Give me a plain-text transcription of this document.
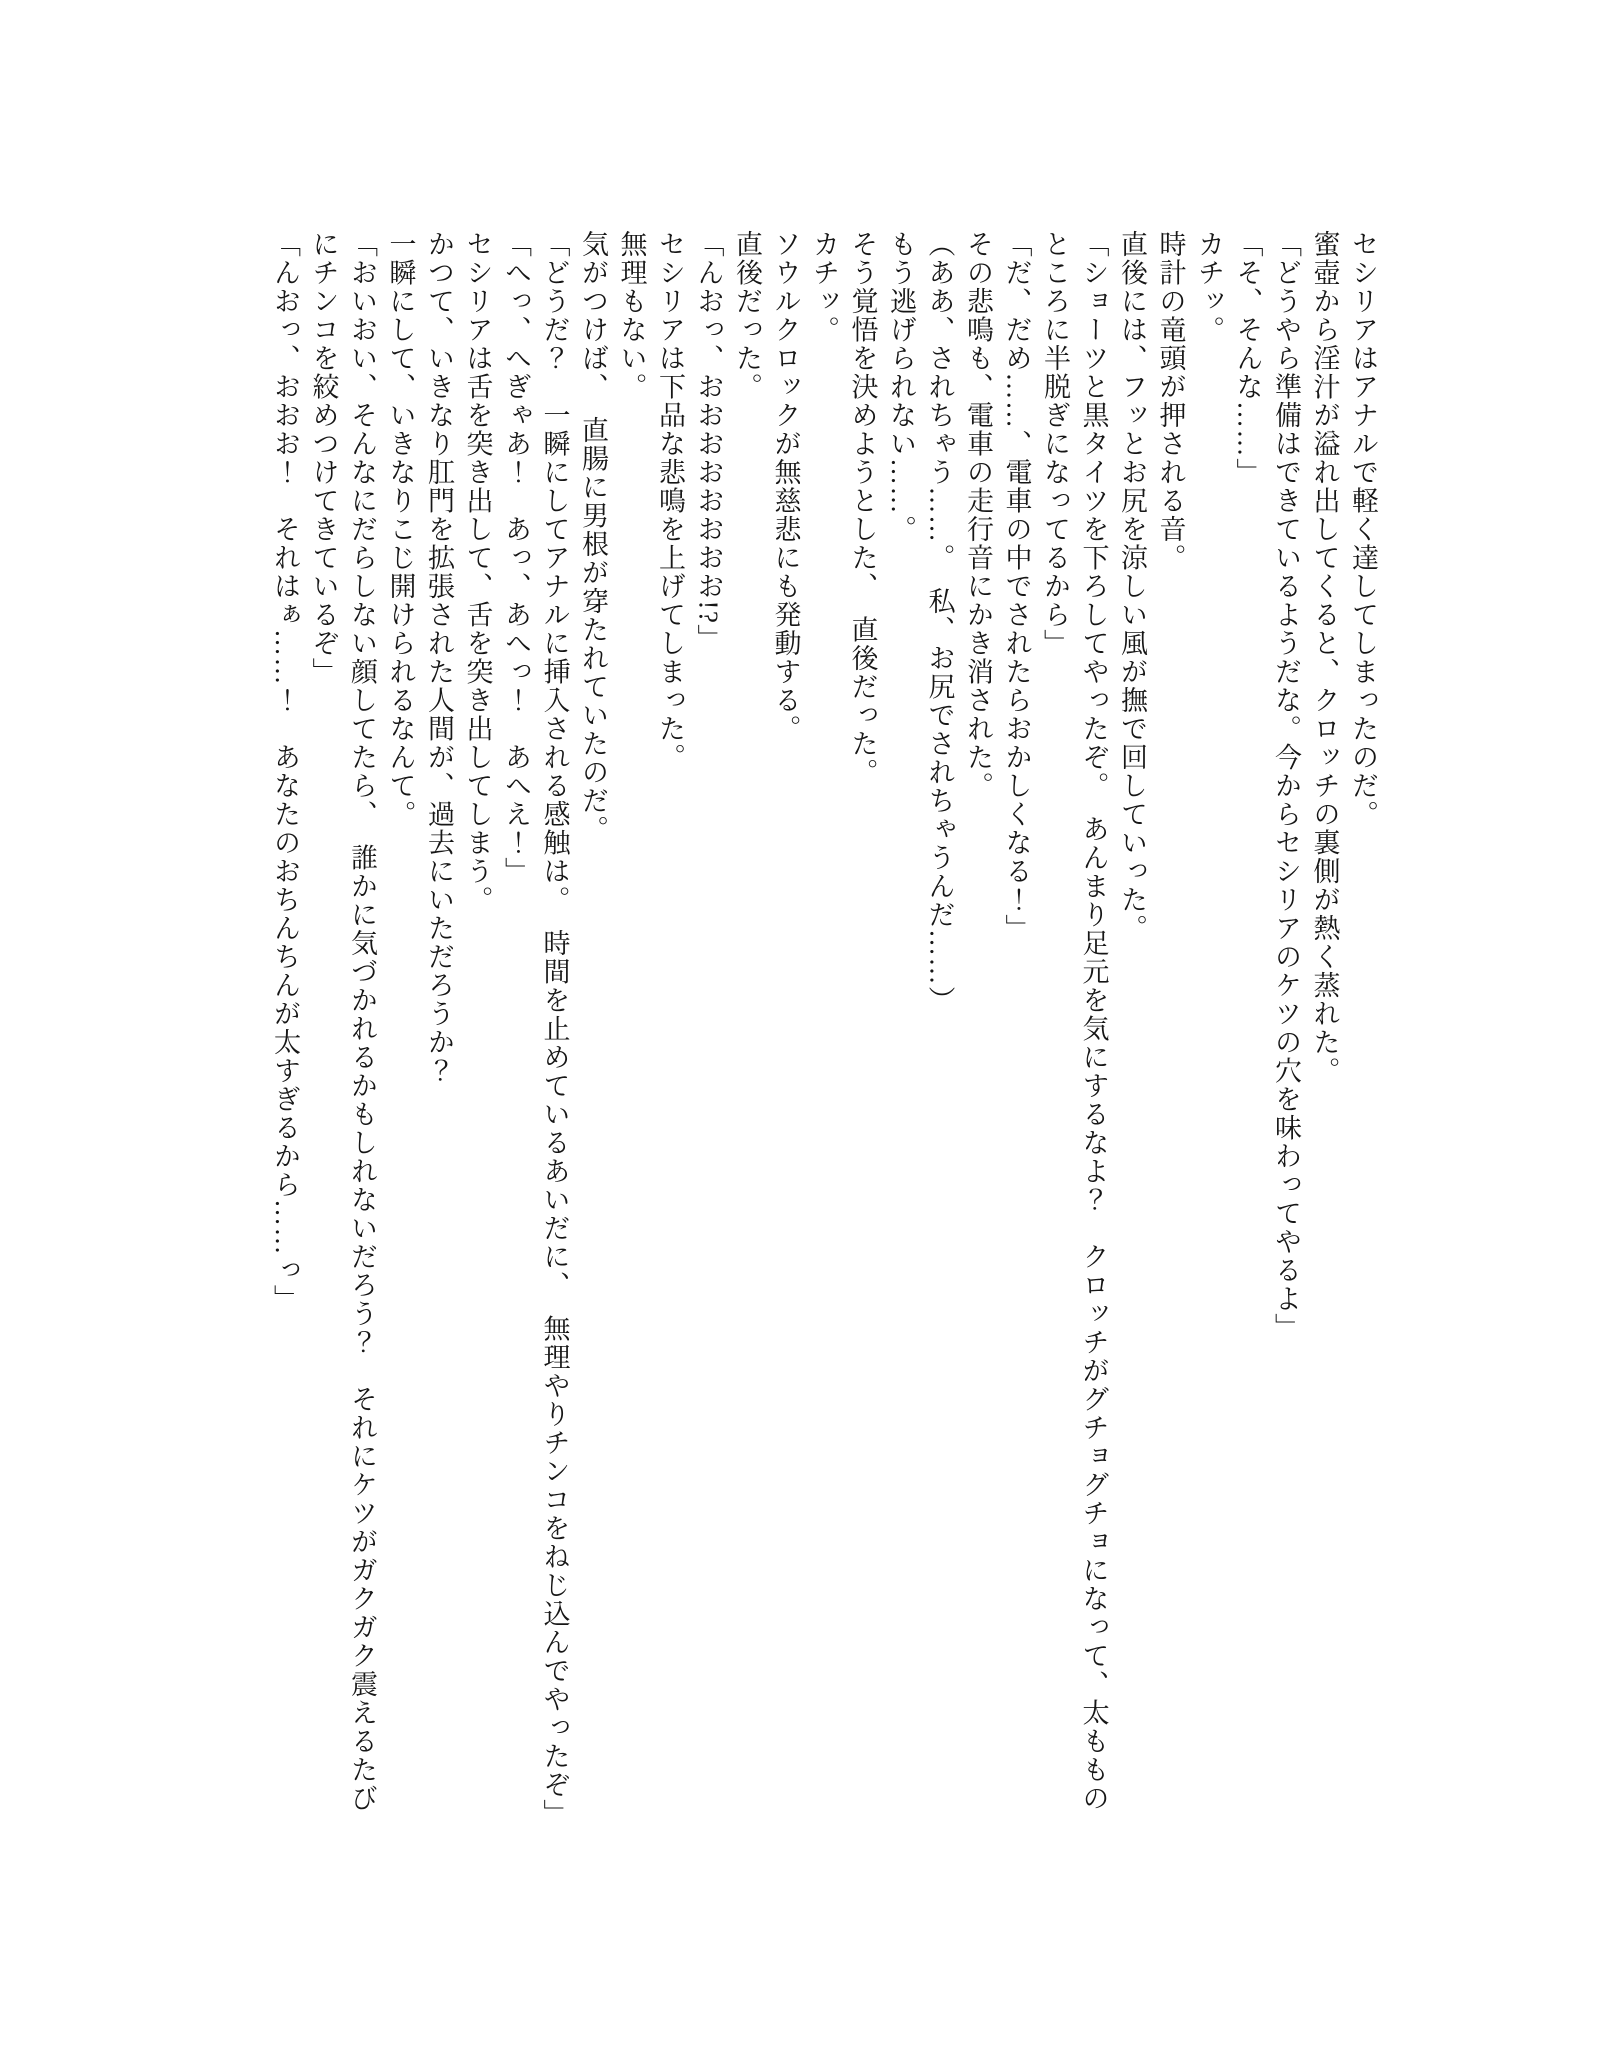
セシリアはアナルで軽く達してしまったのだ。
蜜壺から淫汁が溢れ出してくると、クロッチの裏側が熱く蒸れた。
「どうやら準備はできているようだな。今からセシリアのケツの穴を味わってやるよ」
「そ、そんな……」
カチッ。
時計の竜頭が押される音。
直後には、フッとお尻を涼しい風が撫で回していった。
「ショーツと黒タイツを下ろしてやったぞ。　あんまり足元を気にするなよ？　クロッチがグチョグチョになって、太ももの
ところに半脱ぎになってるから」
「だ、だめ……、電車の中でされたらおかしくなる！」
その悲鳴も、電車の走行音にかき消された。
（ああ、されちゃう……。　私、お尻でされちゃうんだ……）
もう逃げられない……。
そう覚悟を決めようとした、　直後だった。
カチッ。
ソウルクロックが無慈悲にも発動する。
直後だった。
「んおっ、おおおおおおおお!?」
セシリアは下品な悲鳴を上げてしまった。
無理もない。
気がつけば、　直腸に男根が穿たれていたのだ。
「どうだ？　一瞬にしてアナルに挿入される感触は。　時間を止めているあいだに、　無理やりチンコをねじ込んでやったぞ」
「へっ、へぎゃあ！　あっ、あへっ！　あへえ！」
セシリアは舌を突き出して、舌を突き出してしまう。
かつて、いきなり肛門を拡張された人間が、過去にいただろうか？
一瞬にして、いきなりこじ開けられるなんて。
「おいおい、そんなにだらしない顔してたら、　誰かに気づかれるかもしれないだろう？　それにケツがガクガク震えるたび
にチンコを絞めつけてきているぞ」
「んおっ、おおお！　それはぁ……！　あなたのおちんちんが太すぎるから……っ」
